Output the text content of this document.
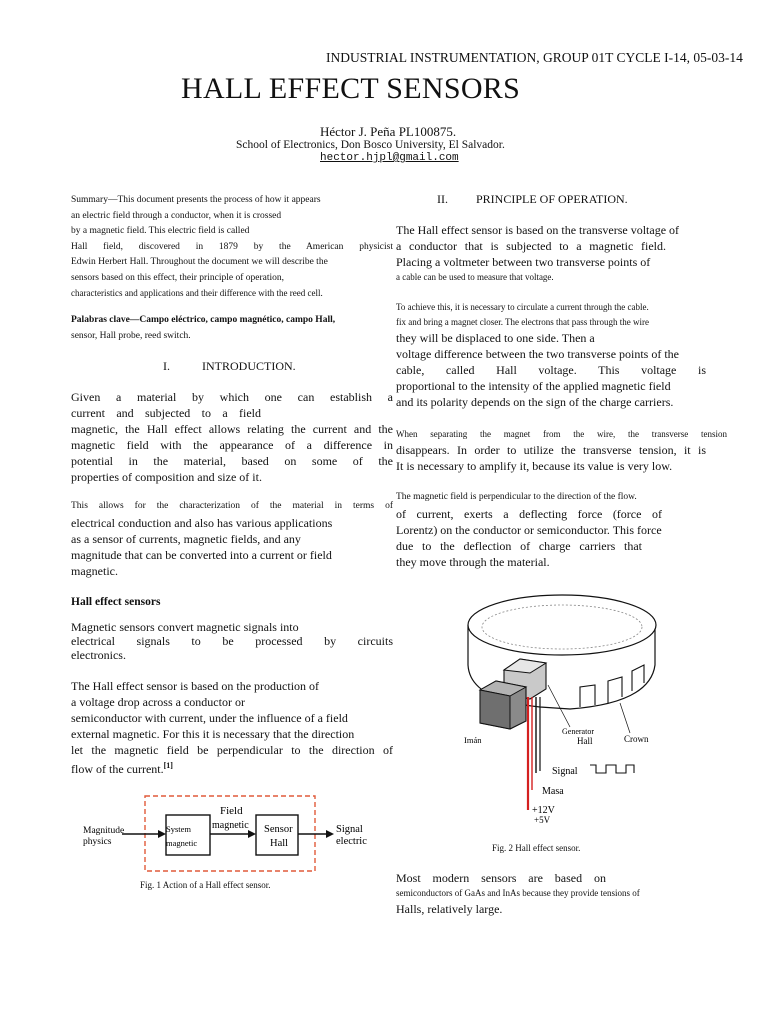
INDUSTRIAL INSTRUMENTATION, GROUP 01T CYCLE I-14, 05-03-14
HALL EFFECT SENSORS
Héctor J. Peña PL100875.
School of Electronics, Don Bosco University, El Salvador.
hector.hjpl@gmail.com

Summary—This document presents the process of how it appears

an electric field through a conductor, when it is crossed

by a magnetic field. This electric field is called

Hall field, discovered in 1879 by the American physicist

Edwin Herbert Hall. Throughout the document we will describe the

sensors based on this effect, their principle of operation,

characteristics and applications and their difference with the reed cell.

Palabras clave—Campo eléctrico, campo magnético, campo Hall,

sensor, Hall probe, reed switch.

I.	INTRODUCTION.

Given a material by which one can establish a

current and subjected to a field

magnetic, the Hall effect allows relating the current and the

magnetic field with the appearance of a difference in

potential in the material, based on some of the

properties of composition and size of it.

This allows for the characterization of the material in terms of

electrical conduction and also has various applications

as a sensor of currents, magnetic fields, and any

magnitude that can be converted into a current or field

magnetic.

Hall effect sensors

Magnetic sensors convert magnetic signals into

electrical signals to be processed by circuits

electronics.

The Hall effect sensor is based on the production of

a voltage drop across a conductor or

semiconductor with current, under the influence of a field

external magnetic. For this it is necessary that the direction

let the magnetic field be perpendicular to the direction of

flow of the current.[1]

Magnitude
physics
System
magnetic
Field
magnetic Sensor
Hall
Signal
electric
Fig. 1 Action of a Hall effect sensor.
II. PRINCIPLE OF OPERATION.

The Hall effect sensor is based on the transverse voltage of

a conductor that is subjected to a magnetic field.

Placing a voltmeter between two transverse points of

a cable can be used to measure that voltage.

To achieve this, it is necessary to circulate a current through the cable.

fix and bring a magnet closer. The electrons that pass through the wire

they will be displaced to one side. Then a

voltage difference between the two transverse points of the

cable, called Hall voltage. This voltage is

proportional to the intensity of the applied magnetic field

and its polarity depends on the sign of the charge carriers.

When separating the magnet from the wire, the transverse tension

disappears. In order to utilize the transverse tension, it is

It is necessary to amplify it, because its value is very low.

The magnetic field is perpendicular to the direction of the flow.

of current, exerts a deflecting force (force of

Lorentz) on the conductor or semiconductor. This force

due to the deflection of charge carriers that

they move through the material.

Imán
Generator
Hall	Crown
Signal
Masa
+12V
+5V
Fig. 2 Hall effect sensor.

Most modern sensors are based on

semiconductors of GaAs and InAs because they provide tensions of

Halls, relatively large.
